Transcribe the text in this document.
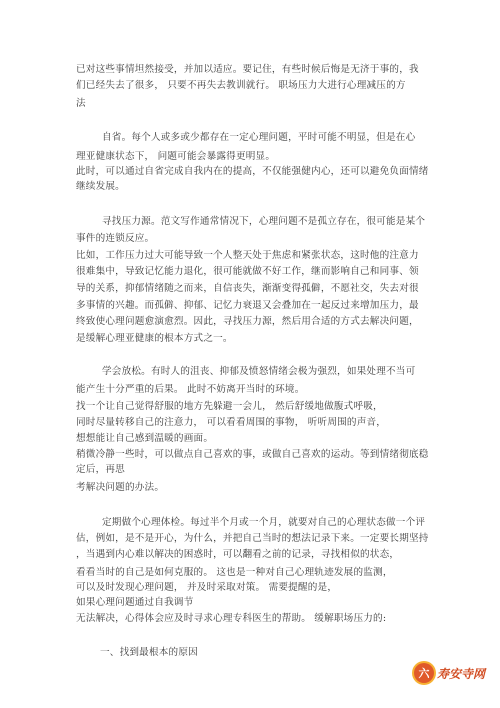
已对这些事情坦然接受，并加以适应。要记住，有些时候后悔是无济于事的，我
们已经失去了很多， 只要不再失去教训就行。 职场压力大进行心理减压的方
法
自省。每个人或多或少都存在一定心理问题，平时可能不明显，但是在心
理亚健康状态下， 问题可能会暴露得更明显。
此时，可以通过自省完成自我内在的提高，不仅能强健内心，还可以避免负面情绪
继续发展。
寻找压力源。范文写作通常情况下，心理问题不是孤立存在，很可能是某个
事件的连锁反应。
比如，工作压力过大可能导致一个人整天处于焦虑和紧张状态，这时他的注意力
很难集中，导致记忆能力退化，很可能就做不好工作，继而影响自己和同事、领
导的关系，抑郁情绪随之而来，自信丧失，渐渐变得孤僻，不愿社交，失去对很
多事情的兴趣。而孤僻、抑郁、记忆力衰退又会叠加在一起反过来增加压力，最
终致使心理问题愈演愈烈。因此，寻找压力源，然后用合适的方式去解决问题，
是缓解心理亚健康的根本方式之一。
学会放松。有时人的沮丧、抑郁及愤怒情绪会极为强烈，如果处理不当可
能产生十分严重的后果。 此时不妨离开当时的环境。
找一个让自己觉得舒服的地方先躲避一会儿， 然后舒缓地做腹式呼吸，
同时尽量转移自己的注意力， 可以看看周围的事物， 听听周围的声音，
想想能让自己感到温暖的画面。
稍微冷静一些时，可以做点自己喜欢的事，或做自己喜欢的运动。等到情绪彻底稳
定后，再思
考解决问题的办法。
定期做个心理体检。每过半个月或一个月，就要对自己的心理状态做一个评
估，例如，是不是开心，为什么，并把自己当时的想法记录下来。一定要长期坚持
，当遇到内心难以解决的困惑时，可以翻看之前的记录，寻找相似的状态，
看看当时的自己是如何克服的。 这也是一种对自己心理轨迹发展的监测，
可以及时发现心理问题， 并及时采取对策。 需要提醒的是，
如果心理问题通过自我调节
无法解决，心得体会应及时寻求心理专科医生的帮助。 缓解职场压力的:
一、找到最根本的原因
六 寿安寺网
